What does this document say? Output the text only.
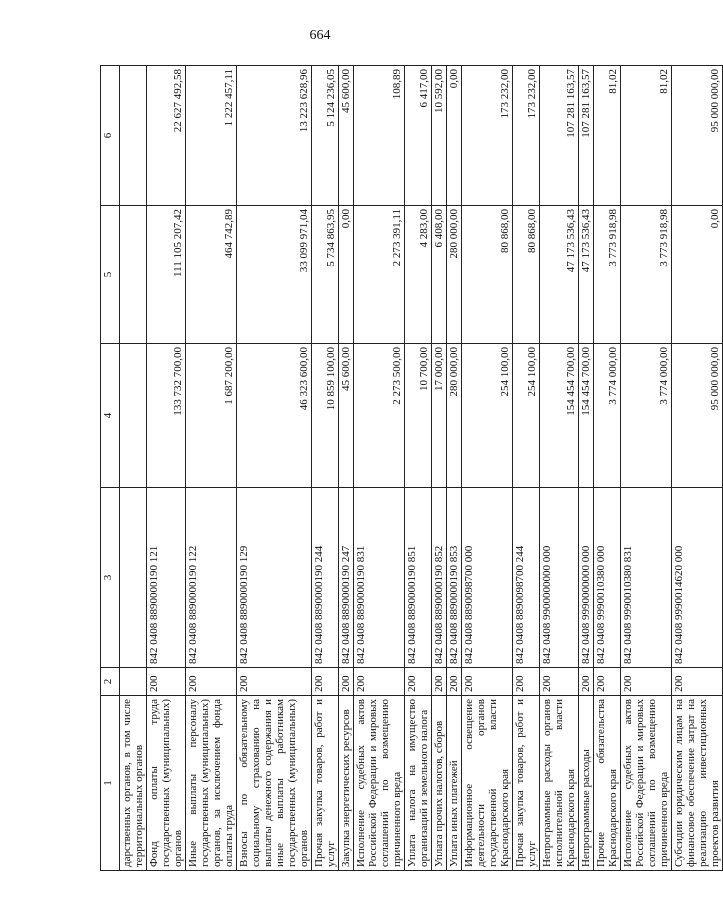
664
1	2	3	4	5	6
дарственных органов, в том числе территориальных органов					
Фонд оплаты труда государственных (муниципальных) органов	200	842 0408 8890000190 121	133 732 700,00	111 105 207,42	22 627 492,58
Иные выплаты персоналу государственных (муниципальных) органов, за исключением фонда оплаты труда	200	842 0408 8890000190 122	1 687 200,00	464 742,89	1 222 457,11
Взносы по обязательному социальному страхованию на выплаты денежного содержания и иные выплаты работникам государственных (муниципальных) органов	200	842 0408 8890000190 129	46 323 600,00	33 099 971,04	13 223 628,96
Прочая закупка товаров, работ и услуг	200	842 0408 8890000190 244	10 859 100,00	5 734 863,95	5 124 236,05
Закупка энергетических ресурсов	200	842 0408 8890000190 247	45 600,00	0,00	45 600,00
Исполнение судебных актов Российской Федерации и мировых соглашений по возмещению причиненного вреда	200	842 0408 8890000190 831	2 273 500,00	2 273 391,11	108,89
Уплата налога на имущество организаций и земельного налога	200	842 0408 8890000190 851	10 700,00	4 283,00	6 417,00
Уплата прочих налогов, сборов	200	842 0408 8890000190 852	17 000,00	6 408,00	10 592,00
Уплата иных платежей	200	842 0408 8890000190 853	280 000,00	280 000,00	0,00
Информационное освещение деятельности органов государственной власти Краснодарского края	200	842 0408 8890098700 000	254 100,00	80 868,00	173 232,00
Прочая закупка товаров, работ и услуг	200	842 0408 8890098700 244	254 100,00	80 868,00	173 232,00
Непрограммные расходы органов исполнительной власти Краснодарского края	200	842 0408 9900000000 000	154 454 700,00	47 173 536,43	107 281 163,57
Непрограммные расходы	200	842 0408 9990000000 000	154 454 700,00	47 173 536,43	107 281 163,57
Прочие обязательства Краснодарского края	200	842 0408 9990010380 000	3 774 000,00	3 773 918,98	81,02
Исполнение судебных актов Российской Федерации и мировых соглашений по возмещению причиненного вреда	200	842 0408 9990010380 831	3 774 000,00	3 773 918,98	81,02
Субсидии юридическим лицам на финансовое обеспечение затрат на реализацию инвестиционных проектов развития	200	842 0408 9990014620 000	95 000 000,00	0,00	95 000 000,00
